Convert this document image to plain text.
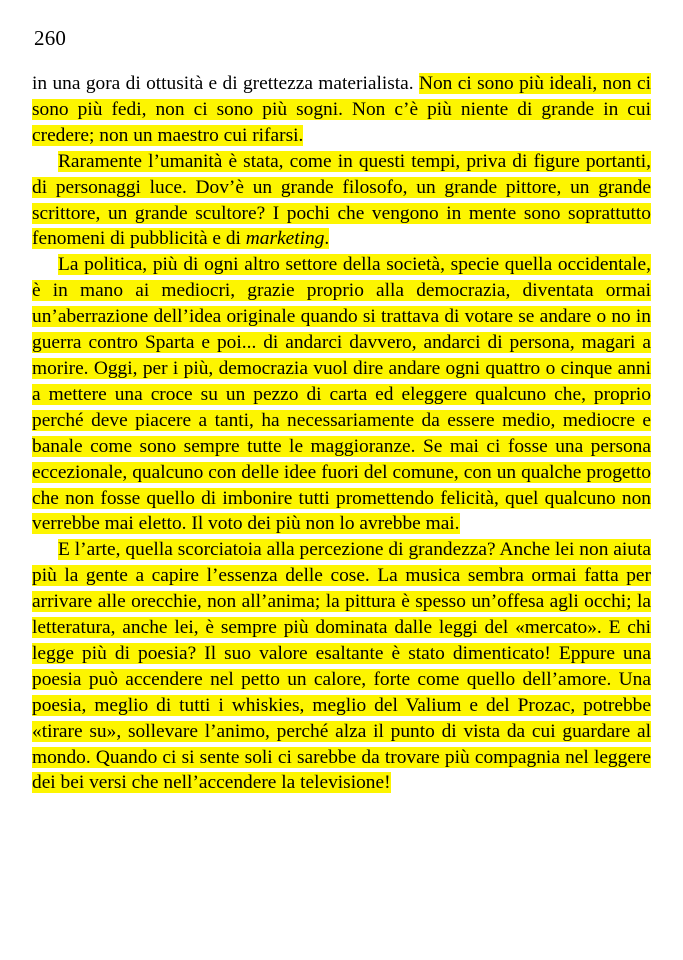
260

in una gora di ottusità e di grettezza materialista. Non ci sono più ideali, non ci sono più fedi, non ci sono più sogni. Non c’è più niente di grande in cui credere; non un maestro cui rifarsi.

Raramente l’umanità è stata, come in questi tempi, priva di figure portanti, di personaggi luce. Dov’è un grande filosofo, un grande pittore, un grande scrittore, un grande scultore? I pochi che vengono in mente sono soprattutto fenomeni di pubblicità e di marketing.

La politica, più di ogni altro settore della società, specie quella occidentale, è in mano ai mediocri, grazie proprio alla democrazia, diventata ormai un’aberrazione dell’idea originale quando si trattava di votare se andare o no in guerra contro Sparta e poi... di andarci davvero, andarci di persona, magari a morire. Oggi, per i più, democrazia vuol dire andare ogni quattro o cinque anni a mettere una croce su un pezzo di carta ed eleggere qualcuno che, proprio perché deve piacere a tanti, ha necessariamente da essere medio, mediocre e banale come sono sempre tutte le maggioranze. Se mai ci fosse una persona eccezionale, qualcuno con delle idee fuori del comune, con un qualche progetto che non fosse quello di imbonire tutti promettendo felicità, quel qualcuno non verrebbe mai eletto. Il voto dei più non lo avrebbe mai.

E l’arte, quella scorciatoia alla percezione di grandezza? Anche lei non aiuta più la gente a capire l’essenza delle cose. La musica sembra ormai fatta per arrivare alle orecchie, non all’anima; la pittura è spesso un’offesa agli occhi; la letteratura, anche lei, è sempre più dominata dalle leggi del «mercato». E chi legge più di poesia? Il suo valore esaltante è stato dimenticato! Eppure una poesia può accendere nel petto un calore, forte come quello dell’amore. Una poesia, meglio di tutti i whiskies, meglio del Valium e del Prozac, potrebbe «tirare su», sollevare l’animo, perché alza il punto di vista da cui guardare al mondo. Quando ci si sente soli ci sarebbe da trovare più compagnia nel leggere dei bei versi che nell’accendere la televisione!
